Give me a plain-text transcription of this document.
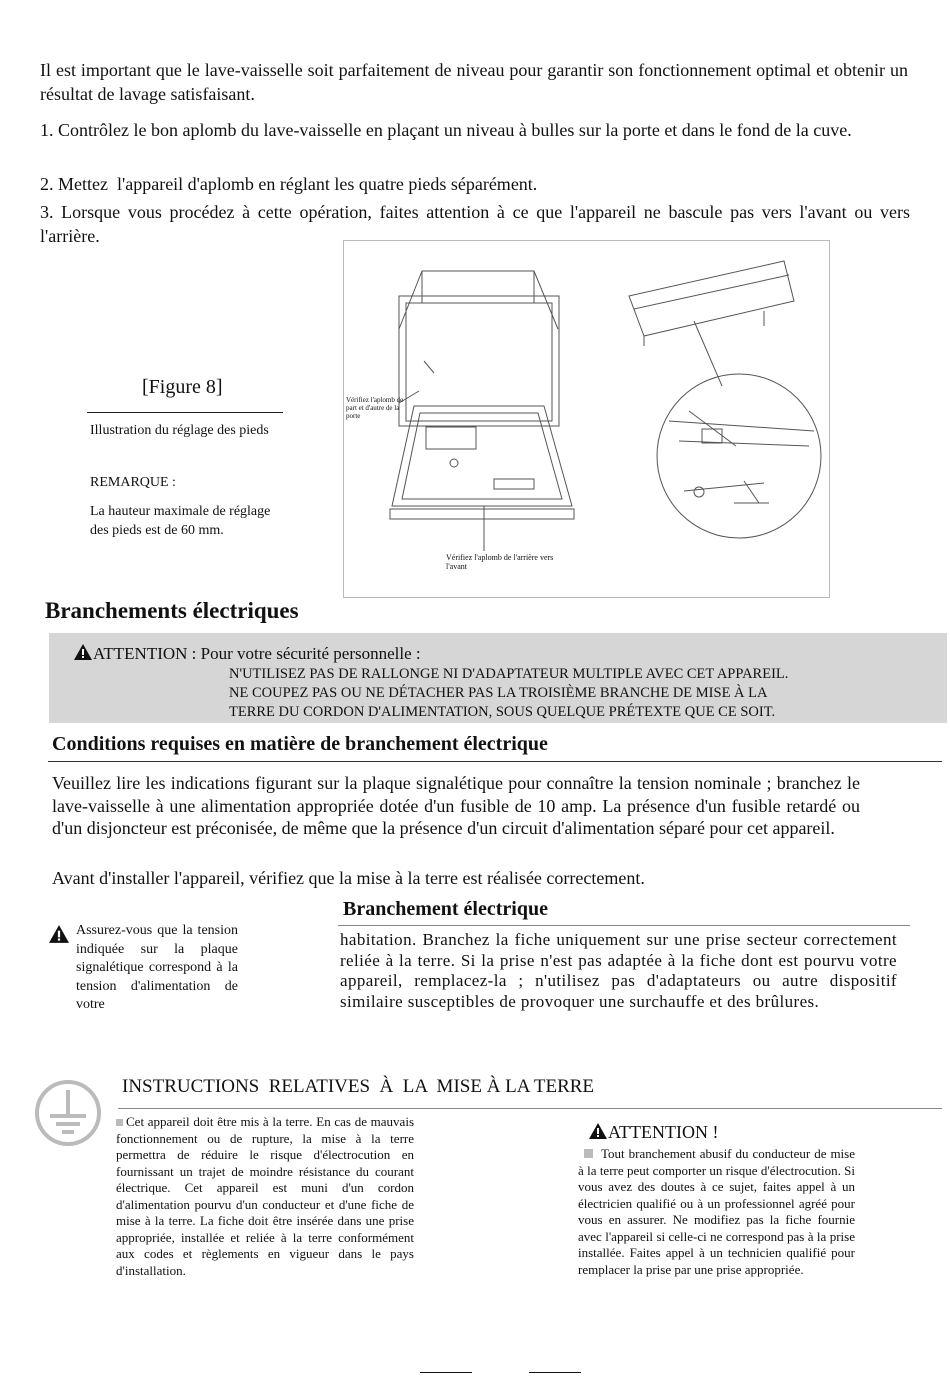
Il est important que le lave-vaisselle soit parfaitement de niveau pour garantir son fonctionnement optimal et obtenir un résultat de lavage satisfaisant.
1. Contrôlez le bon aplomb du lave-vaisselle en plaçant un niveau à bulles sur la porte et dans le fond de la cuve.
2. Mettez  l'appareil d'aplomb en réglant les quatre pieds séparément.
3. Lorsque vous procédez à cette opération, faites attention à ce que l'appareil ne bascule pas vers l'avant ou vers l'arrière.
[Figure 8]
Illustration du réglage des pieds
REMARQUE :
La hauteur maximale de réglage des pieds est de 60 mm.
Vérifiez l'aplomb de part et d'autre de la porte
Vérifiez l'aplomb de l'arrière vers l'avant
Branchements électriques
ATTENTION : Pour votre sécurité personnelle :
N'UTILISEZ PAS DE RALLONGE NI D'ADAPTATEUR MULTIPLE AVEC CET APPAREIL.
NE COUPEZ PAS OU NE DÉTACHER PAS LA TROISIÈME BRANCHE DE MISE À LA
TERRE DU CORDON D'ALIMENTATION, SOUS QUELQUE PRÉTEXTE QUE CE SOIT.
Conditions requises en matière de branchement électrique
Veuillez lire les indications figurant sur la plaque signalétique pour connaître la tension nominale ; branchez le lave-vaisselle à une alimentation appropriée dotée d'un fusible de 10 amp. La présence d'un fusible retardé ou d'un disjoncteur est préconisée, de même que la présence d'un circuit d'alimentation séparé pour cet appareil.
Avant d'installer l'appareil, vérifiez que la mise à la terre est réalisée correctement.
Branchement électrique
Assurez-vous que la tension indiquée sur la plaque signalétique correspond à la tension d'alimentation de votre
habitation. Branchez la fiche uniquement sur une prise secteur correctement reliée à la terre. Si la prise n'est pas adaptée à la fiche dont est pourvu votre appareil, remplacez-la ; n'utilisez pas d'adaptateurs ou autre dispositif similaire susceptibles de provoquer une surchauffe et des brûlures.
INSTRUCTIONS  RELATIVES  À  LA  MISE À LA TERRE
Cet appareil doit être mis à la terre. En cas de mauvais fonctionnement ou de rupture, la mise à la terre permettra de réduire le risque d'électrocution en fournissant un trajet de moindre résistance du courant électrique. Cet appareil est muni d'un cordon d'alimentation pourvu d'un conducteur et d'une fiche de mise à la terre. La fiche doit être insérée dans une prise appropriée, installée et reliée à la terre conformément aux codes et règlements en vigueur dans le pays d'installation.
ATTENTION !
Tout branchement abusif du conducteur de mise à la terre peut comporter un risque d'électrocution. Si vous avez des doutes à ce sujet, faites appel à un électricien qualifié ou à un professionnel agréé pour vous en assurer. Ne modifiez pas la fiche fournie avec l'appareil si celle-ci ne correspond pas à la prise installée. Faites appel à un technicien qualifié pour remplacer la prise par une prise appropriée.
